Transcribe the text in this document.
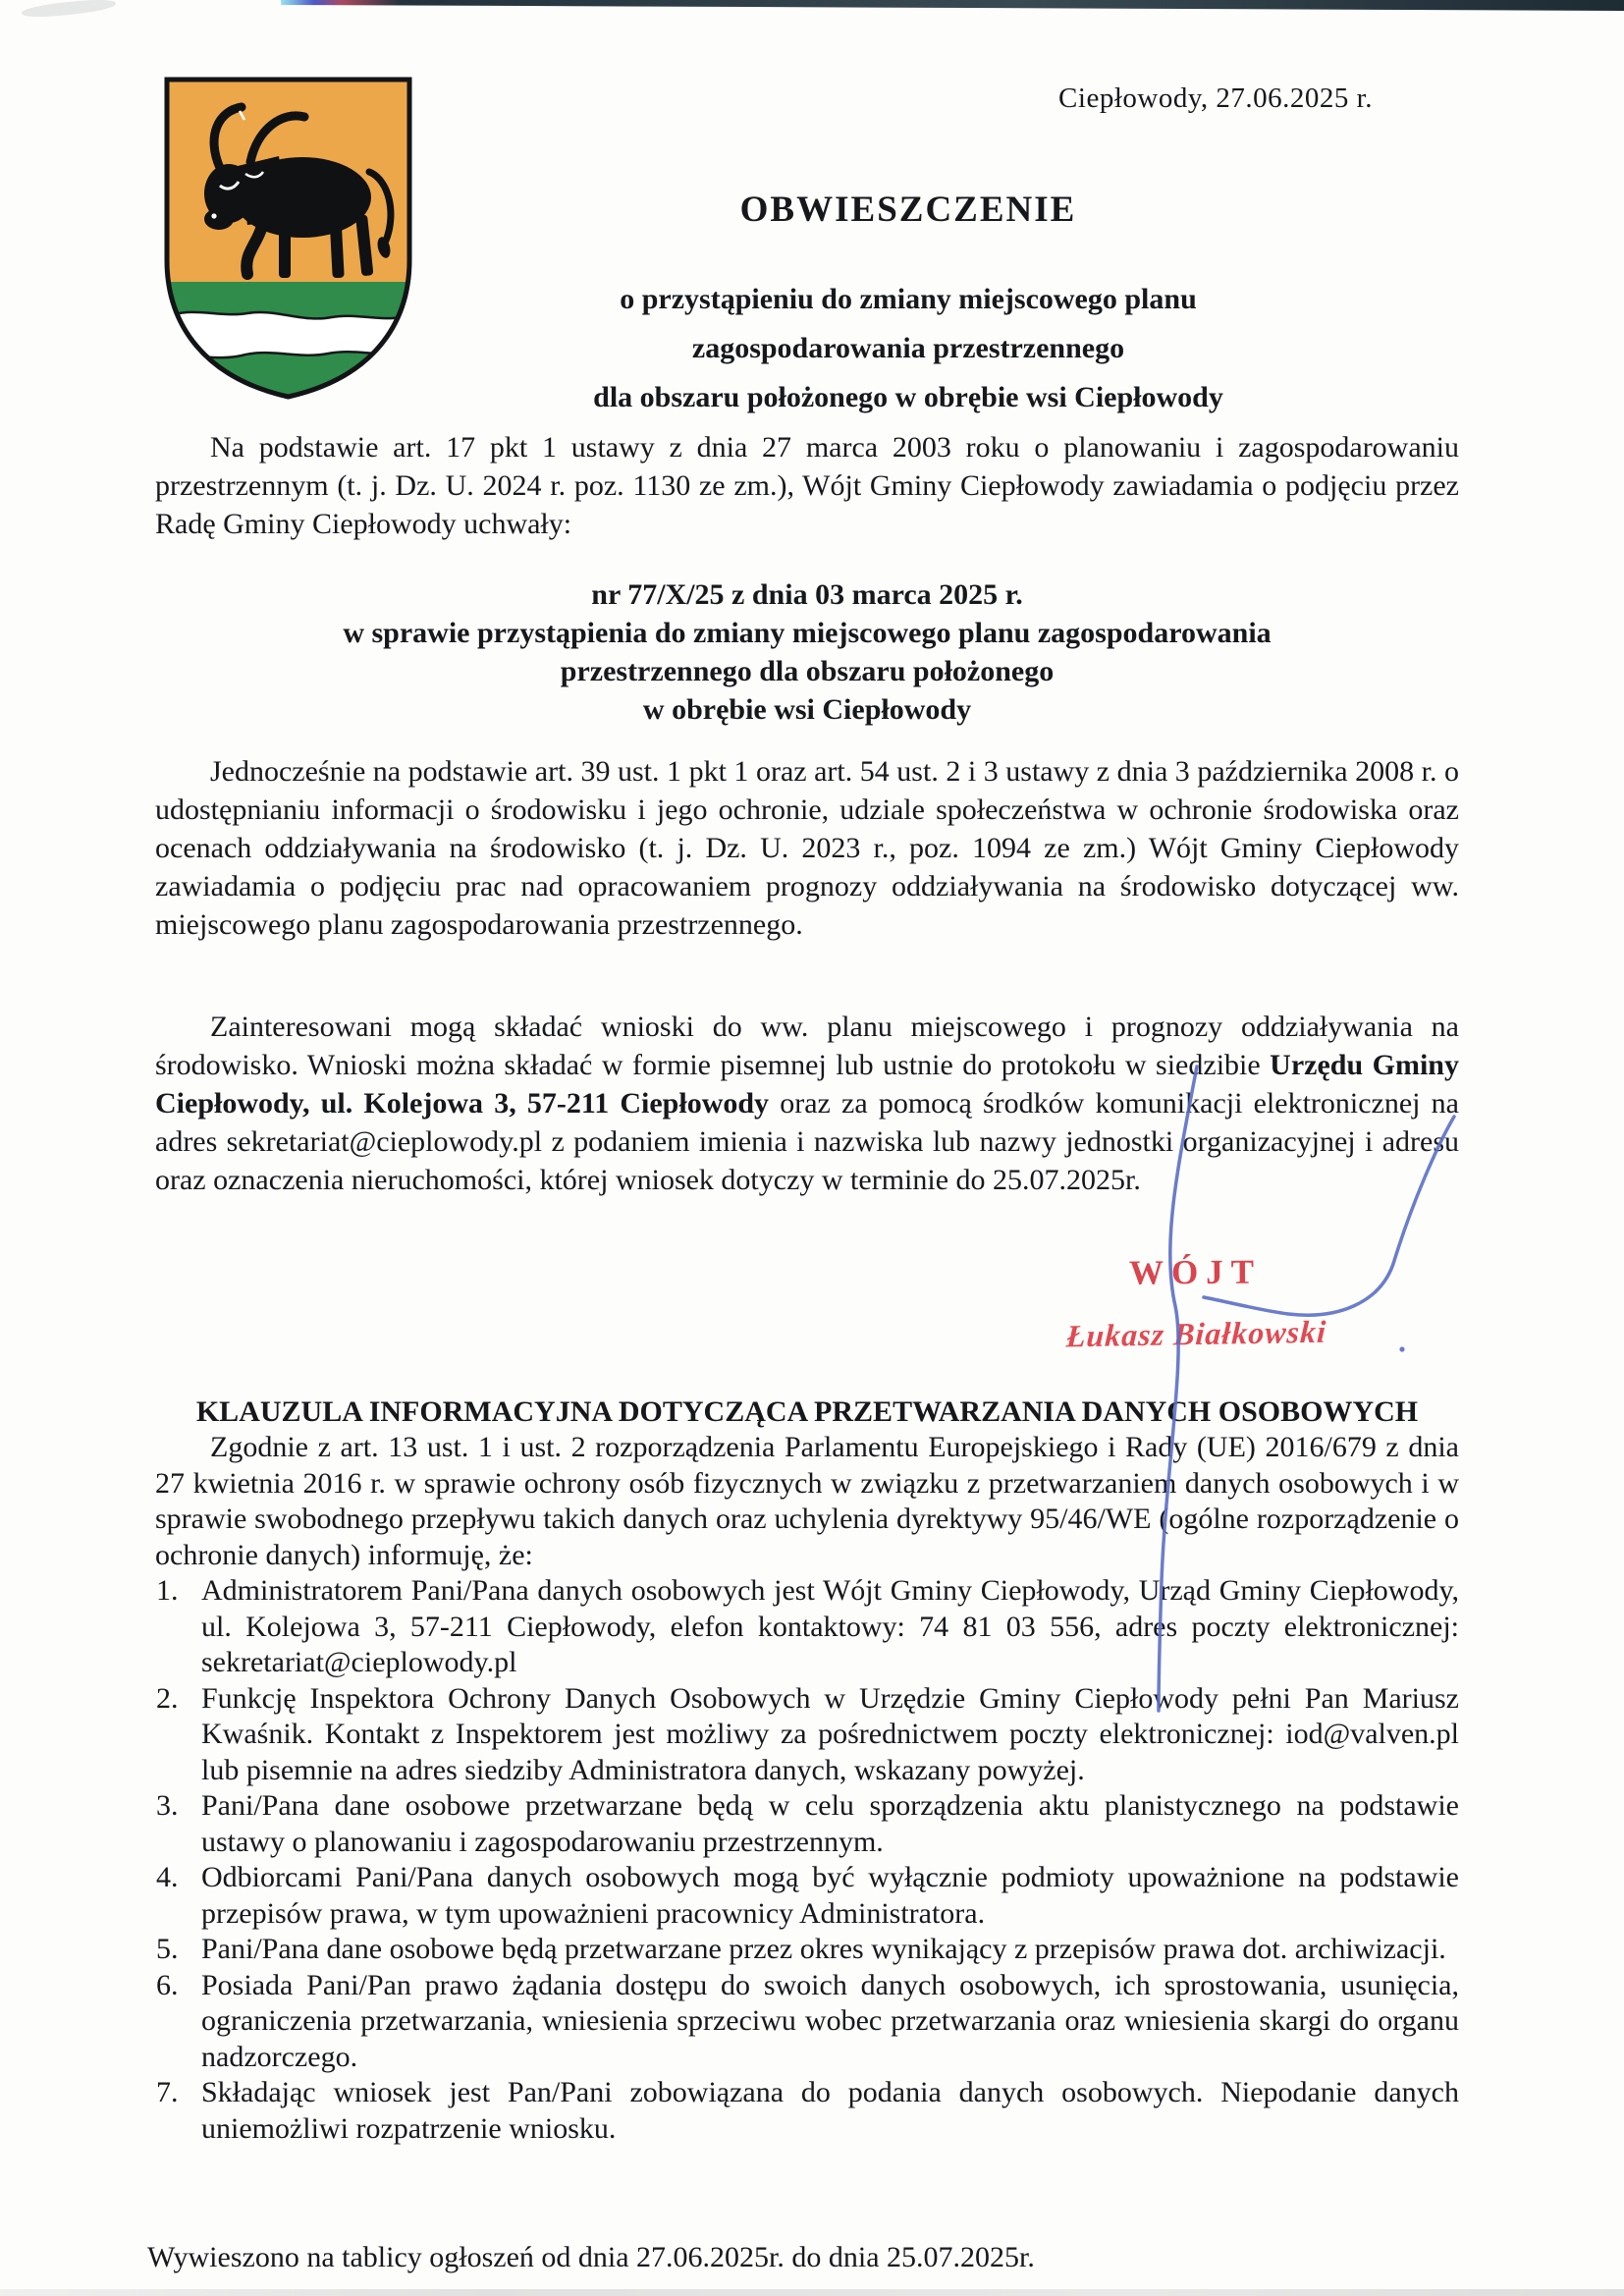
Ciepłowody, 27.06.2025 r.
OBWIESZCZENIE
o przystąpieniu do zmiany miejscowego planu
zagospodarowania przestrzennego
dla obszaru położonego w obrębie wsi Ciepłowody

Na podstawie art. 17 pkt 1 ustawy z dnia 27 marca 2003 roku o planowaniu i zagospodarowaniu przestrzennym (t. j. Dz. U. 2024 r. poz. 1130 ze zm.), Wójt Gminy Ciepłowody zawiadamia o podjęciu przez Radę Gminy Ciepłowody uchwały:

nr 77/X/25 z dnia 03 marca 2025 r.
w sprawie przystąpienia do zmiany miejscowego planu zagospodarowania
przestrzennego dla obszaru położonego
w obrębie wsi Ciepłowody

Jednocześnie na podstawie art. 39 ust. 1 pkt 1 oraz art. 54 ust. 2 i 3 ustawy z dnia 3 października 2008 r. o udostępnianiu informacji o środowisku i jego ochronie, udziale społeczeństwa w ochronie środowiska oraz ocenach oddziaływania na środowisko (t. j. Dz. U. 2023 r., poz. 1094 ze zm.) Wójt Gminy Ciepłowody zawiadamia o podjęciu prac nad opracowaniem prognozy oddziaływania na środowisko dotyczącej ww. miejscowego planu zagospodarowania przestrzennego.

Zainteresowani mogą składać wnioski do ww. planu miejscowego i prognozy oddziaływania na środowisko. Wnioski można składać w formie pisemnej lub ustnie do protokołu w siedzibie Urzędu Gminy Ciepłowody, ul. Kolejowa 3, 57-211 Ciepłowody oraz za pomocą środków komunikacji elektronicznej na adres sekretariat@cieplowody.pl z podaniem imienia i nazwiska lub nazwy jednostki organizacyjnej i adresu oraz oznaczenia nieruchomości, której wniosek dotyczy w terminie do 25.07.2025r.

WÓJT
Łukasz Białkowski
KLAUZULA INFORMACYJNA DOTYCZĄCA PRZETWARZANIA DANYCH OSOBOWYCH

Zgodnie z art. 13 ust. 1 i ust. 2 rozporządzenia Parlamentu Europejskiego i Rady (UE) 2016/679 z dnia 27 kwietnia 2016 r. w sprawie ochrony osób fizycznych w związku z przetwarzaniem danych osobowych i w sprawie swobodnego przepływu takich danych oraz uchylenia dyrektywy 95/46/WE (ogólne rozporządzenie o ochronie danych) informuję, że:

Administratorem Pani/Pana danych osobowych jest Wójt Gminy Ciepłowody, Urząd Gminy Ciepłowody, ul. Kolejowa 3, 57-211 Ciepłowody, elefon kontaktowy: 74 81 03 556, adres poczty elektronicznej: sekretariat@cieplowody.pl
Funkcję Inspektora Ochrony Danych Osobowych w Urzędzie Gminy Ciepłowody pełni Pan Mariusz Kwaśnik. Kontakt z Inspektorem jest możliwy za pośrednictwem poczty elektronicznej: iod@valven.pl lub pisemnie na adres siedziby Administratora danych, wskazany powyżej.
Pani/Pana dane osobowe przetwarzane będą w celu sporządzenia aktu planistycznego na podstawie ustawy o planowaniu i zagospodarowaniu przestrzennym.
Odbiorcami Pani/Pana danych osobowych mogą być wyłącznie podmioty upoważnione na podstawie przepisów prawa, w tym upoważnieni pracownicy Administratora.
Pani/Pana dane osobowe będą przetwarzane przez okres wynikający z przepisów prawa dot. archiwizacji.
Posiada Pani/Pan prawo żądania dostępu do swoich danych osobowych, ich sprostowania, usunięcia, ograniczenia przetwarzania, wniesienia sprzeciwu wobec przetwarzania oraz wniesienia skargi do organu nadzorczego.
Składając wniosek jest Pan/Pani zobowiązana do podania danych osobowych. Niepodanie danych uniemożliwi rozpatrzenie wniosku.
Wywieszono na tablicy ogłoszeń od dnia 27.06.2025r. do dnia 25.07.2025r.
